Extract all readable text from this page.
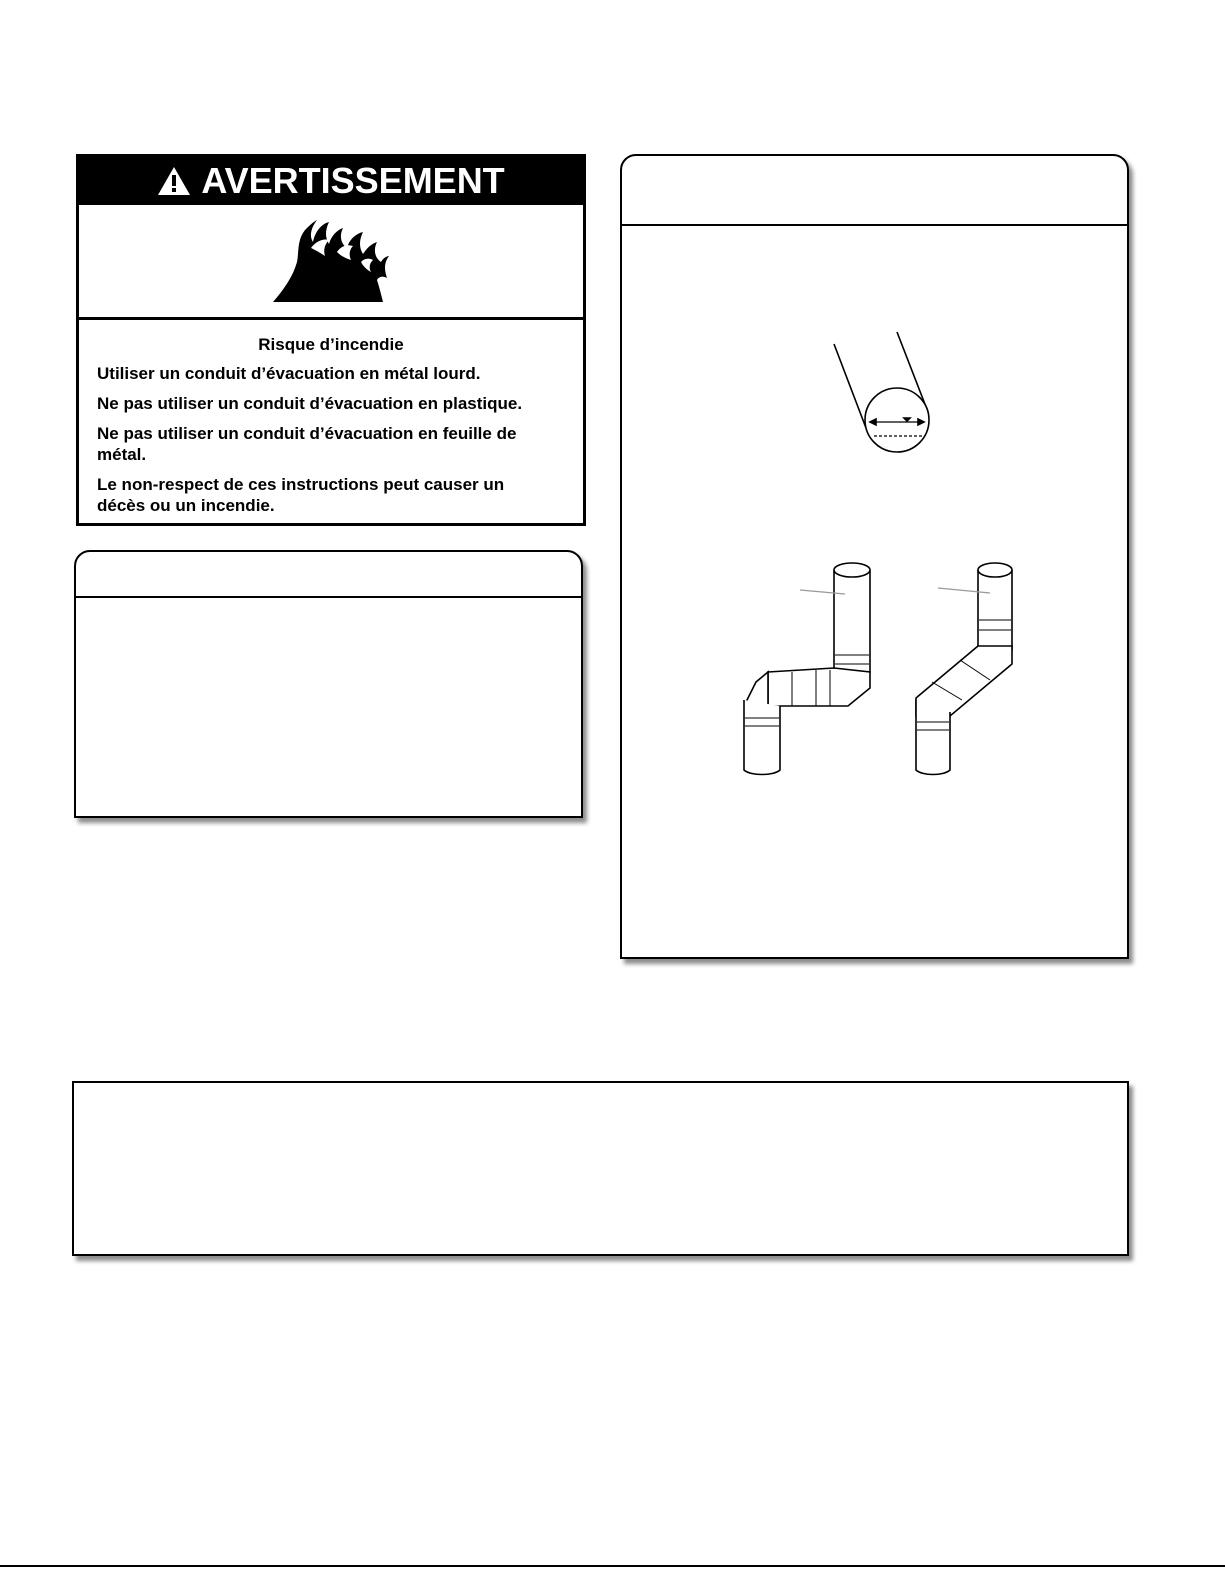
AVERTISSEMENT

Risque d’incendie

Utiliser un conduit d’évacuation en métal lourd.

Ne pas utiliser un conduit d’évacuation en plastique.

Ne pas utiliser un conduit d’évacuation en feuille de métal.

Le non-respect de ces instructions peut causer un décès ou un incendie.
